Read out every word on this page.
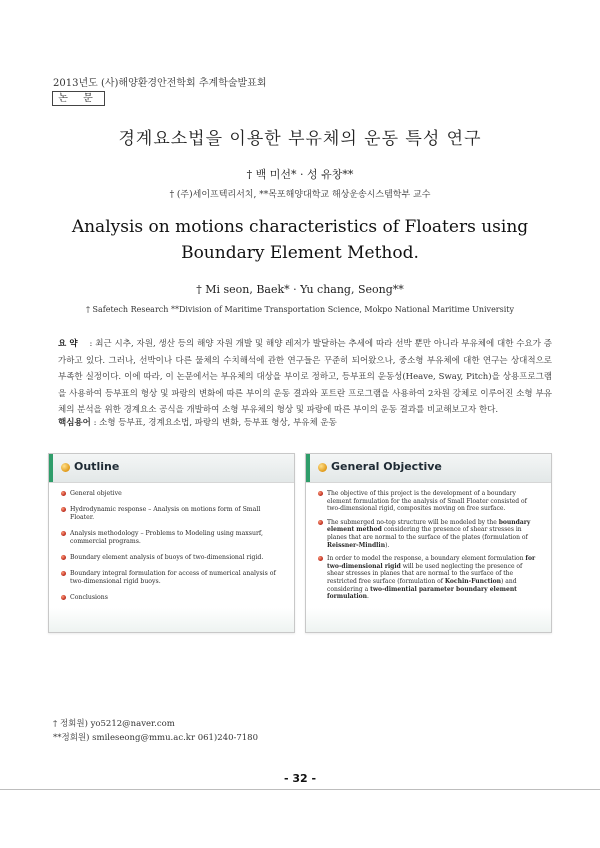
2013년도 (사)해양환경안전학회 추계학술발표회
논 문
경계요소법을 이용한 부유체의 운동 특성 연구
† 백 미선* · 성 유창**
† (주)세이프텍리서치, **목포해양대학교 해상운송시스템학부 교수
Analysis on motions characteristics of Floaters using
Boundary Element Method.
† Mi seon, Baek* · Yu chang, Seong**
† Safetech Research **Division of Maritime Transportation Science, Mokpo National Maritime University
요 약 : 최근 시추, 자원, 생산 등의 해양 자원 개발 및 해양 레저가 발달하는 추세에 따라 선박 뿐만 아니라 부유체에 대한 수요가 증가하고 있다. 그러나, 선박이나 다른 물체의 수치해석에 관한 연구들은 꾸준히 되어왔으나, 중소형 부유체에 대한 연구는 상대적으로 부족한 실정이다. 이에 따라, 이 논문에서는 부유체의 대상을 부이로 정하고, 등부표의 운동성(Heave, Sway, Pitch)을 상용프로그램을 사용하여 등부표의 형상 및 파랑의 변화에 따른 부이의 운동 결과와 포트란 프로그램을 사용하여 2차원 강체로 이루어진 소형 부유체의 분석을 위한 경계요소 공식을 개발하여 소형 부유체의 형상 및 파랑에 따른 부이의 운동 결과를 비교해보고자 한다.
핵심용어 : 소형 등부표, 경계요소법, 파랑의 변화, 등부표 형상, 부유체 운동
Outline
General objetive
Hydrodynamic response – Analysis on motions form of Small Floater.
Analysis methodology – Problems to Modeling using maxsurf, commercial programs.
Boundary element analysis of buoys of two-dimensional rigid.
Boundary integral formulation for access of numerical analysis of two-dimensional rigid buoys.
Conclusions
General Objective
The objective of this project is the development of a boundary element formulation for the analysis of Small Floater consisted of two-dimensional rigid, composites moving on free surface.
The submerged no-top structure will be modeled by the boundary element method considering the presence of shear stresses in planes that are normal to the surface of the plates (formulation of Reissner-Mindlin).
In order to model the response, a boundary element formulation for two-dimensional rigid will be used neglecting the presence of shear stresses in planes that are normal to the surface of the restricted free surface (formulation of Kochin-Function) and considering a two-dimential parameter boundary element formulation.
† 정회원) yo5212@naver.com
**정회원) smileseong@mmu.ac.kr 061)240-7180
- 32 -
